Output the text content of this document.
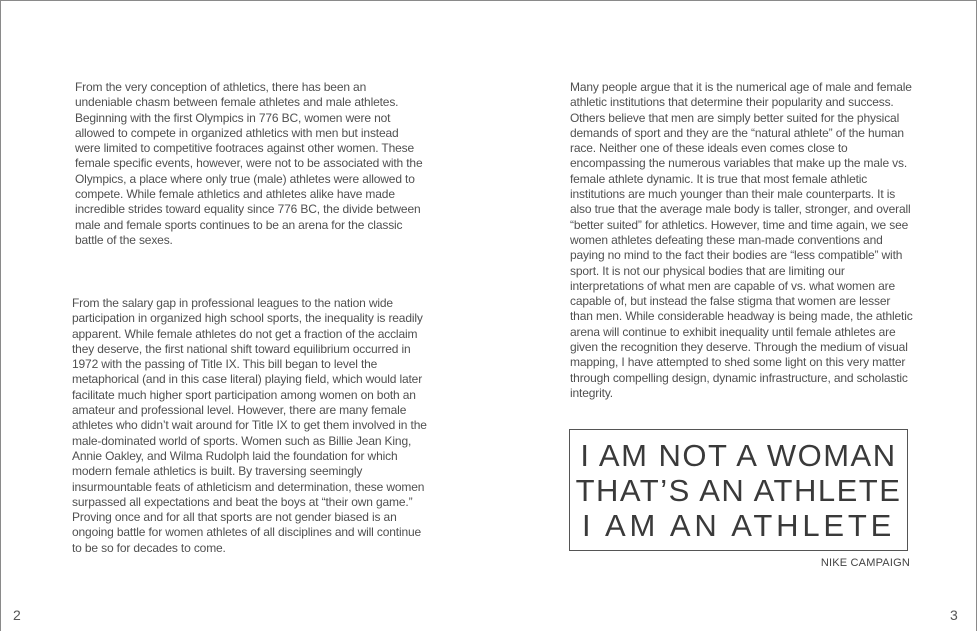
From the very conception of athletics, there has been an undeniable chasm between female athletes and male athletes. Beginning with the first Olympics in 776 BC, women were not allowed to compete in organized athletics with men but instead were limited to competitive footraces against other women. These female specific events, however, were not to be associated with the Olympics, a place where only true (male) athletes were allowed to compete. While female athletics and athletes alike have made incredible strides toward equality since 776 BC, the divide between male and female sports continues to be an arena for the classic battle of the sexes.

From the salary gap in professional leagues to the nation wide participation in organized high school sports, the inequality is readily apparent. While female athletes do not get a fraction of the acclaim they deserve, the first national shift toward equilibrium occurred in 1972 with the passing of Title IX. This bill began to level the metaphorical (and in this case literal) playing field, which would later facilitate much higher sport participation among women on both an amateur and professional level. However, there are many female athletes who didn’t wait around for Title IX to get them involved in the male-dominated world of sports. Women such as Billie Jean King, Annie Oakley, and Wilma Rudolph laid the foundation for which modern female athletics is built. By traversing seemingly insurmountable feats of athleticism and determination, these women surpassed all expectations and beat the boys at “their own game.” Proving once and for all that sports are not gender biased is an ongoing battle for women athletes of all disciplines and will continue to be so for decades to come.

Many people argue that it is the numerical age of male and female athletic institutions that determine their popularity and success. Others believe that men are simply better suited for the physical demands of sport and they are the “natural athlete” of the human race. Neither one of these ideals even comes close to encompassing the numerous variables that make up the male vs. female athlete dynamic. It is true that most female athletic institutions are much younger than their male counterparts. It is also true that the average male body is taller, stronger, and overall “better suited” for athletics. However, time and time again, we see women athletes defeating these man-made conventions and paying no mind to the fact their bodies are “less compatible” with sport. It is not our physical bodies that are limiting our interpretations of what men are capable of vs. what women are capable of, but instead the false stigma that women are lesser than men. While considerable headway is being made, the athletic arena will continue to exhibit inequality until female athletes are given the recognition they deserve. Through the medium of visual mapping, I have attempted to shed some light on this very matter through compelling design, dynamic infrastructure, and scholastic integrity.

I AM NOT A WOMAN
THAT’S AN ATHLETE
I AM AN ATHLETE
NIKE CAMPAIGN
2	3
